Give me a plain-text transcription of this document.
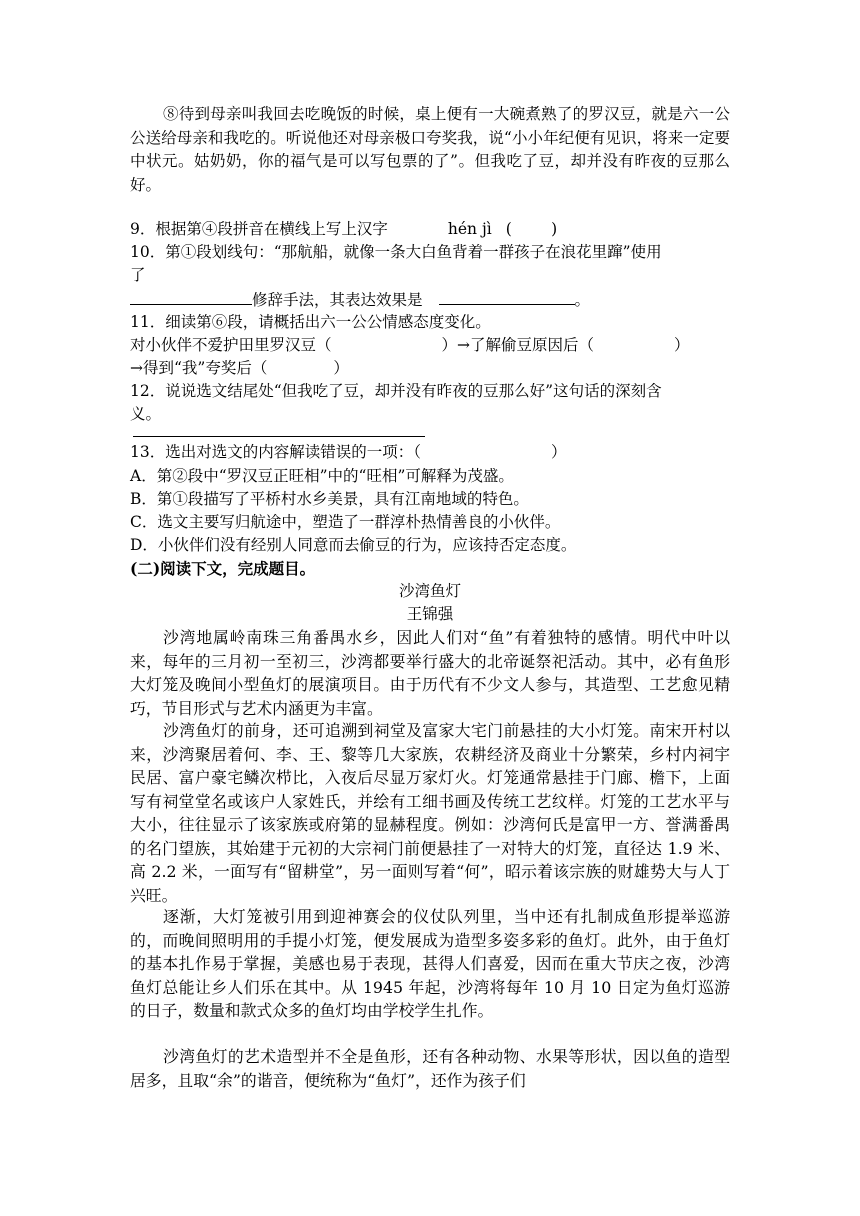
⑧待到母亲叫我回去吃晚饭的时候，桌上便有一大碗煮熟了的罗汉豆，就是六一公公送给母亲和我吃的。听说他还对母亲极口夸奖我，说“小小年纪便有见识，将来一定要中状元。姑奶奶，你的福气是可以写包票的了”。但我吃了豆，却并没有昨夜的豆那么好。
9．根据第④段拼音在横线上写上汉字	hén jì (        )
10．第①段划线句：“那航船，就像一条大白鱼背着一群孩子在浪花里蹿”使用
了
修辞手法，其表达效果是	。
11．细读第⑥段，请概括出六一公公情感态度变化。
对小伙伴不爱护田里罗汉豆（	）→了解偷豆原因后（	）
→得到“我”夸奖后（	）
12．说说选文结尾处“但我吃了豆，却并没有昨夜的豆那么好”这句话的深刻含
义。
13．选出对选文的内容解读错误的一项：（	）
A．第②段中“罗汉豆正旺相”中的“旺相”可解释为茂盛。
B．第①段描写了平桥村水乡美景，具有江南地域的特色。
C．选文主要写归航途中，塑造了一群淳朴热情善良的小伙伴。
D．小伙伴们没有经别人同意而去偷豆的行为，应该持否定态度。
(二)阅读下文，完成题目。
沙湾鱼灯
王锦强
沙湾地属岭南珠三角番禺水乡，因此人们对“鱼”有着独特的感情。明代中叶以来，每年的三月初一至初三，沙湾都要举行盛大的北帝诞祭祀活动。其中，必有鱼形大灯笼及晚间小型鱼灯的展演项目。由于历代有不少文人参与，其造型、工艺愈见精巧，节目形式与艺术内涵更为丰富。
沙湾鱼灯的前身，还可追溯到祠堂及富家大宅门前悬挂的大小灯笼。南宋开村以来，沙湾聚居着何、李、王、黎等几大家族，农耕经济及商业十分繁荣，乡村内祠宇民居、富户豪宅鳞次栉比，入夜后尽显万家灯火。灯笼通常悬挂于门廊、檐下，上面写有祠堂堂名或该户人家姓氏，并绘有工细书画及传统工艺纹样。灯笼的工艺水平与大小，往往显示了该家族或府第的显赫程度。例如：沙湾何氏是富甲一方、誉满番禺的名门望族，其始建于元初的大宗祠门前便悬挂了一对特大的灯笼，直径达 1.9 米、高 2.2 米，一面写有“留耕堂”，另一面则写着“何”，昭示着该宗族的财雄势大与人丁兴旺。
逐渐，大灯笼被引用到迎神赛会的仪仗队列里，当中还有扎制成鱼形提举巡游的，而晚间照明用的手提小灯笼，便发展成为造型多姿多彩的鱼灯。此外，由于鱼灯的基本扎作易于掌握，美感也易于表现，甚得人们喜爱，因而在重大节庆之夜，沙湾鱼灯总能让乡人们乐在其中。从 1945 年起，沙湾将每年 10 月 10 日定为鱼灯巡游的日子，数量和款式众多的鱼灯均由学校学生扎作。
沙湾鱼灯的艺术造型并不全是鱼形，还有各种动物、水果等形状，因以鱼的造型居多，且取“余”的谐音，便统称为“鱼灯”，还作为孩子们
